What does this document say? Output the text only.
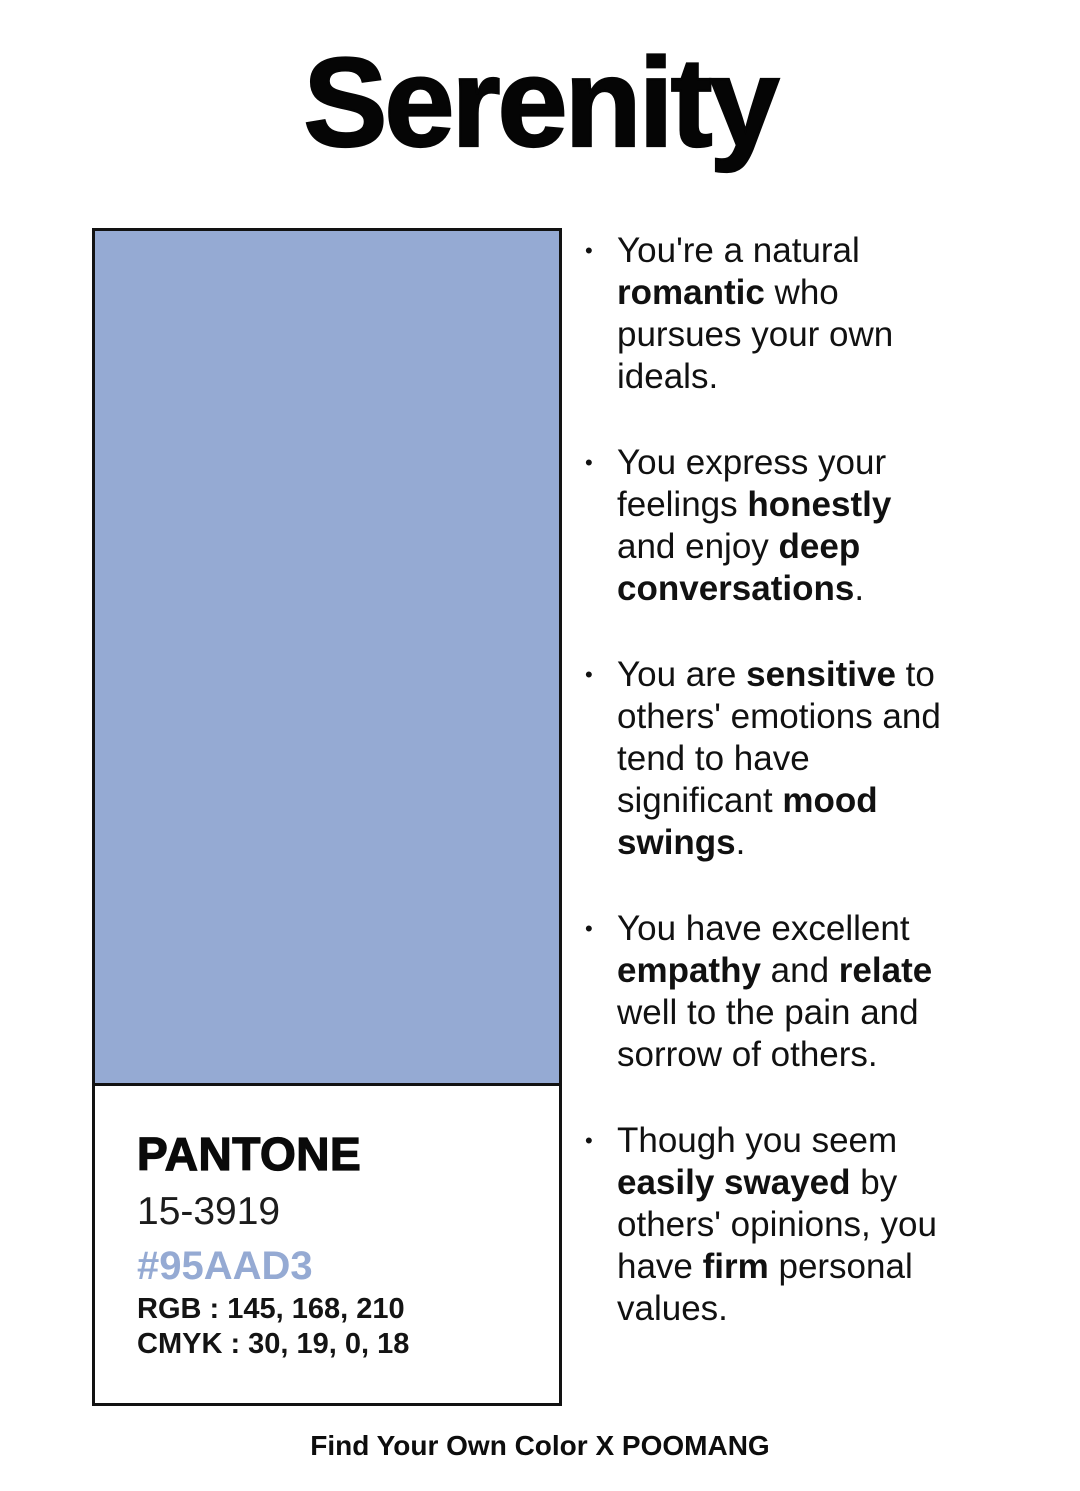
Serenity

PANTONE

15-3919

#95AAD3

RGB : 145, 168, 210

CMYK : 30, 19, 0, 18

• You're a natural romantic who pursues your own ideals.

• You express your feelings honestly and enjoy deep conversations.

• You are sensitive to others' emotions and tend to have significant mood swings.

• You have excellent empathy and relate well to the pain and sorrow of others.

• Though you seem easily swayed by others' opinions, you have firm personal values.

Find Your Own Color X POOMANG
